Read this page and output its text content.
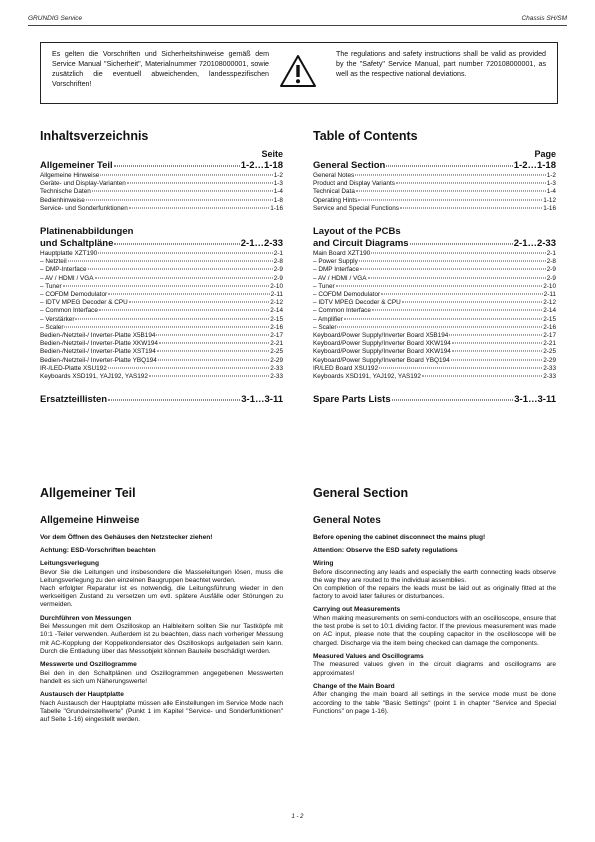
GRUNDIG Service	Chassis SH/SM
Es gelten die Vorschriften und Sicherheitshinweise gemäß dem Service Manual "Sicherheit", Materialnummer 720108000001, sowie zusätzlich die eventuell abweichenden, landesspezifischen Vorschriften!
The regulations and safety instructions shall be valid as provided by the "Safety" Service Manual, part number 720108000001, as well as the respective national deviations.
Inhaltsverzeichnis
Seite
Allgemeiner Teil	1-2…1-18
Allgemeine Hinweise	1-2
Geräte- und Display-Varianten	1-3
Technische Daten	1-4
Bedienhinweise	1-8
Service- und Sonderfunktionen	1-16
Platinenabbildungen
und Schaltpläne	2-1…2-33
Hauptplatte XZT190	2-1
– Netzteil	2-8
– DMP-Interface	2-9
– AV / HDMI / VGA	2-9
– Tuner	2-10
– COFDM Demodulator	2-11
– IDTV MPEG Decoder & CPU	2-12
– Common Interface	2-14
– Verstärker	2-15
– Scaler	2-16
Bedien-/Netzteil-/ Inverter-Platte X5B194	2-17
Bedien-/Netzteil-/ Inverter-Platte XKW194	2-21
Bedien-/Netzteil-/ Inverter-Platte XST194	2-25
Bedien-/Netzteil-/ Inverter-Platte YBQ194	2-29
IR-/LED-Platte XSU192	2-33
Keyboards XSD191, YAJ192, YAS192	2-33
Ersatzteillisten	3-1…3-11
Table of Contents
Page
General Section	1-2…1-18
General Notes	1-2
Product and Display Variants	1-3
Technical Data	1-4
Operating Hints	1-12
Service and Special Functions	1-16
Layout of the PCBs
and Circuit Diagrams	2-1…2-33
Main Board XZT190	2-1
– Power Supply	2-8
– DMP Interface	2-9
– AV / HDMI / VGA	2-9
– Tuner	2-10
– COFDM Demodulator	2-11
– IDTV MPEG Decoder & CPU	2-12
– Common Interface	2-14
– Amplifier	2-15
– Scaler	2-16
Keyboard/Power Supply/Inverter Board X5B194	2-17
Keyboard/Power Supply/Inverter Board XKW194	2-21
Keyboard/Power Supply/Inverter Board XKW194	2-25
Keyboard/Power Supply/Inverter Board YBQ194	2-29
IR/LED Board XSU192	2-33
Keyboards XSD191, YAJ192, YAS192	2-33
Spare Parts Lists	3-1…3-11
Allgemeiner Teil
Allgemeine Hinweise
Vor dem Öffnen des Gehäuses den Netzstecker ziehen!
Achtung: ESD-Vorschriften beachten
Leitungsverlegung
Bevor Sie die Leitungen und insbesondere die Masseleitungen lösen, muss die Leitungsverlegung zu den einzelnen Baugruppen beachtet werden.
Nach erfolgter Reparatur ist es notwendig, die Leitungsführung wieder in den werkseitigen Zustand zu versetzen um evtl. spätere Ausfälle oder Störungen zu vermeiden.
Durchführen von Messungen
Bei Messungen mit dem Oszilloskop an Halbleitern sollten Sie nur Tastköpfe mit 10:1 -Teiler verwenden. Außerdem ist zu beachten, dass nach vorheriger Messung mit AC-Kopplung der Koppelkondensator des Oszilloskops aufgeladen sein kann. Durch die Entladung über das Messobjekt können Bauteile beschädigt werden.
Messwerte und Oszillogramme
Bei den in den Schaltplänen und Oszillogrammen angegebenen Messwerten handelt es sich um Näherungswerte!
Austausch der Hauptplatte
Nach Austausch der Hauptplatte müssen alle Einstellungen im Service Mode nach Tabelle "Grundeinstellwerte" (Punkt 1 im Kapitel "Service- und Sonderfunktionen" auf Seite 1-16) eingestellt werden.
General Section
General Notes
Before opening the cabinet disconnect the mains plug!
Attention: Observe the ESD safety regulations
Wiring
Before disconnecting any leads and especially the earth connecting leads observe the way they are routed to the individual assemblies.
On completion of the repairs the leads must be laid out as originally fitted at the factory to avoid later failures or disturbances.
Carrying out Measurements
When making measurements on semi-conductors with an oscilloscope, ensure that the test probe is set to 10:1 dividing factor. If the previous measurement was made on AC input, please note that the coupling capacitor in the oscilloscope will be charged. Discharge via the item being checked can damage the components.
Measured Values and Oscillograms
The measured values given in the circuit diagrams and oscillograms are approximates!
Change of the Main Board
After changing the main board all settings in the service mode must be done according to the table "Basic Settings" (point 1 in chapter "Service and Special Functions" on page 1-16).
1 - 2
